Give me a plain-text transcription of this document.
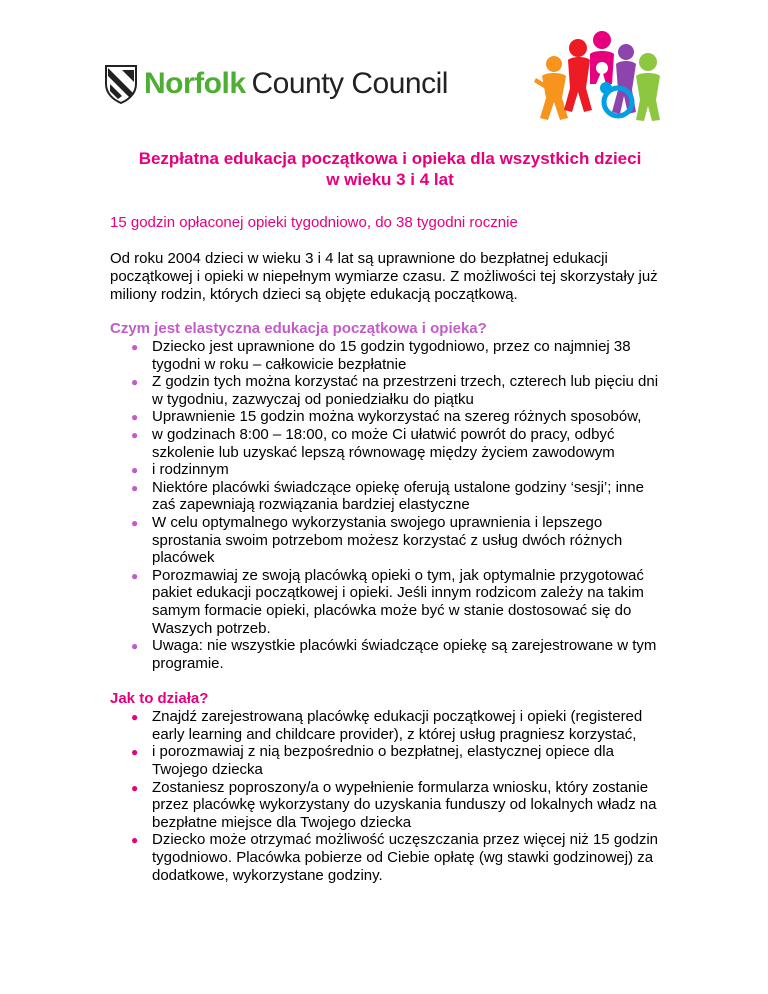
Norfolk County Council
Bezpłatna edukacja początkowa i opieka dla wszystkich dzieci
w wieku 3 i 4 lat

15 godzin opłaconej opieki tygodniowo, do 38 tygodni rocznie

Od roku 2004 dzieci w wieku 3 i 4 lat są uprawnione do bezpłatnej edukacji początkowej i opieki w niepełnym wymiarze czasu. Z możliwości tej skorzystały już miliony rodzin, których dzieci są objęte edukacją początkową.

Czym jest elastyczna edukacja początkowa i opieka?

● Dziecko jest uprawnione do 15 godzin tygodniowo, przez co najmniej 38 tygodni w roku – całkowicie bezpłatnie
● Z godzin tych można korzystać na przestrzeni trzech, czterech lub pięciu dni w tygodniu, zazwyczaj od poniedziałku do piątku
● Uprawnienie 15 godzin można wykorzystać na szereg różnych sposobów,
● w godzinach 8:00 – 18:00, co może Ci ułatwić powrót do pracy, odbyć szkolenie lub uzyskać lepszą równowagę między życiem zawodowym
● i rodzinnym
● Niektóre placówki świadczące opiekę oferują ustalone godziny ‘sesji’; inne zaś zapewniają rozwiązania bardziej elastyczne
● W celu optymalnego wykorzystania swojego uprawnienia i lepszego sprostania swoim potrzebom możesz korzystać z usług dwóch różnych placówek
● Porozmawiaj ze swoją placówką opieki o tym, jak optymalnie przygotować pakiet edukacji początkowej i opieki. Jeśli innym rodzicom zależy na takim samym formacie opieki, placówka może być w stanie dostosować się do Waszych potrzeb.
● Uwaga: nie wszystkie placówki świadczące opiekę są zarejestrowane w tym programie.

Jak to działa?

● Znajdź zarejestrowaną placówkę edukacji początkowej i opieki (registered early learning and childcare provider), z której usług pragniesz korzystać,
● i porozmawiaj z nią bezpośrednio o bezpłatnej, elastycznej opiece dla Twojego dziecka
● Zostaniesz poproszony/a o wypełnienie formularza wniosku, który zostanie przez placówkę wykorzystany do uzyskania funduszy od lokalnych władz na bezpłatne miejsce dla Twojego dziecka
● Dziecko może otrzymać możliwość uczęszczania przez więcej niż 15 godzin tygodniowo. Placówka pobierze od Ciebie opłatę (wg stawki godzinowej) za dodatkowe, wykorzystane godziny.
